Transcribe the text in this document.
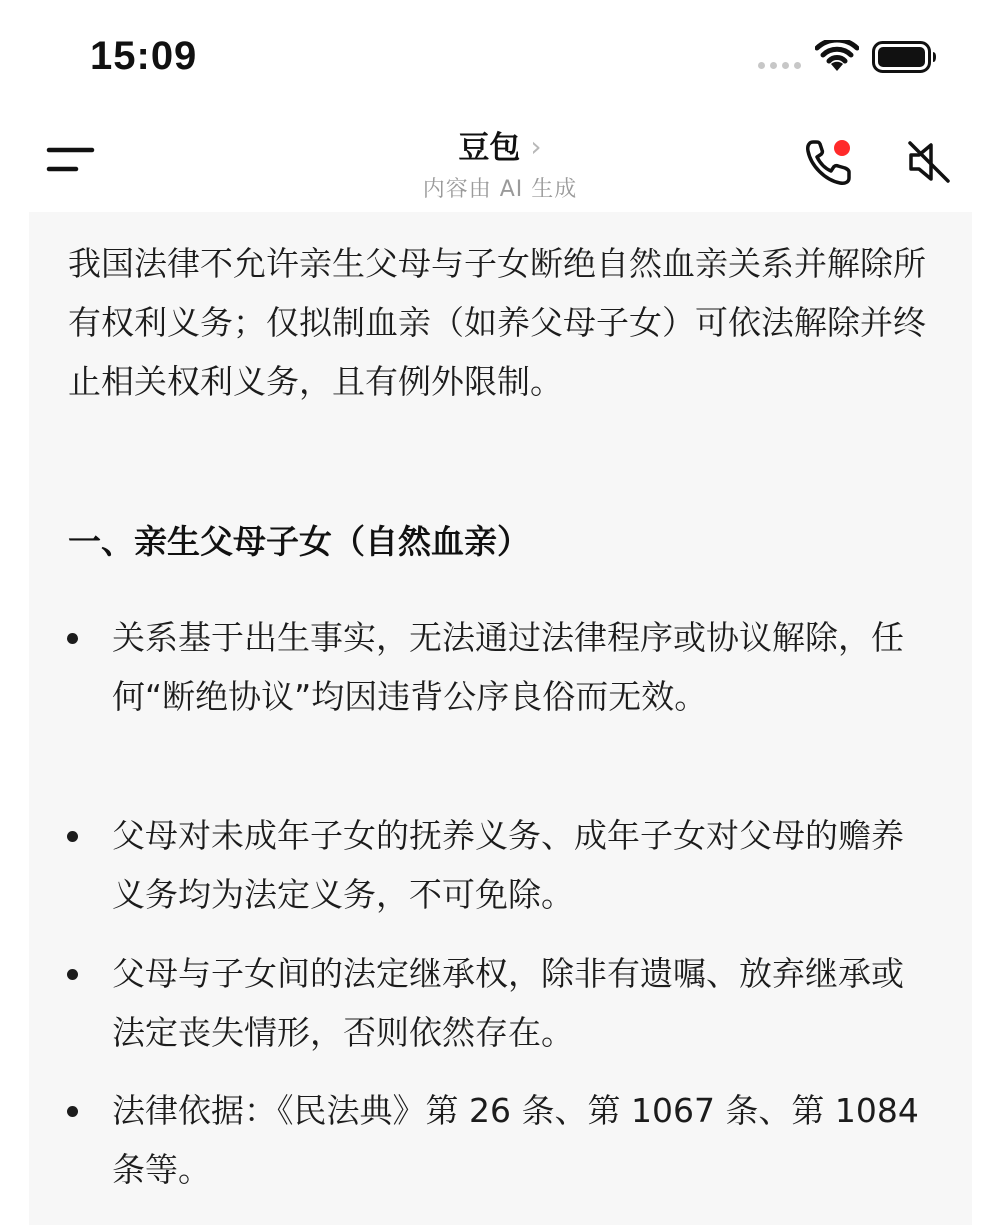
15:09
豆包 ›
内容由 AI 生成

我国法律不允许亲生父母与子女断绝自然血亲关系并解除所有权利义务；仅拟制血亲（如养父母子女）可依法解除并终止相关权利义务，且有例外限制。

一、亲生父母子女（自然血亲）
关系基于出生事实，无法通过法律程序或协议解除，任何“断绝协议”均因违背公序良俗而无效。
父母对未成年子女的抚养义务、成年子女对父母的赡养义务均为法定义务，不可免除。
父母与子女间的法定继承权，除非有遗嘱、放弃继承或法定丧失情形，否则依然存在。
法律依据：《民法典》第 26 条、第 1067 条、第 1084 条等。
